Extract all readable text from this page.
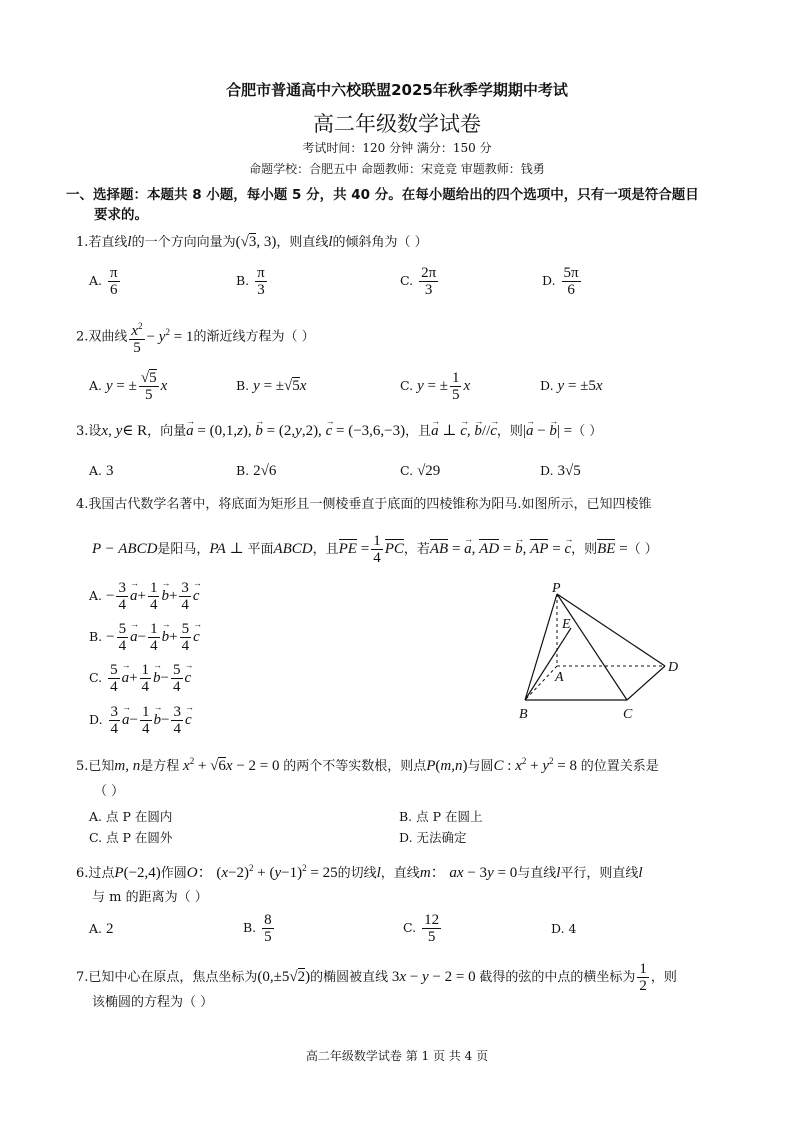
合肥市普通高中六校联盟2025年秋季学期期中考试
高二年级数学试卷
考试时间：120 分钟 满分：150 分
命题学校：合肥五中 命题教师：宋竞竞 审题教师：钱勇
一、选择题：本题共 8 小题，每小题 5 分，共 40 分。在每小题给出的四个选项中，只有一项是符合题目
要求的。
1.若直线l的一个方向向量为(√3, 3)，则直线l的倾斜角为（ ）
A. $\frac{\pi}{6}$	B. $\frac{\pi}{3}$	C. $\frac{2\pi}{3}$	D. $\frac{5\pi}{6}$
2.双曲线 $\frac{x^2}{5} - y^2 = 1$的渐近线方程为（ ）
A. y = ± $\frac{√5}{5}$ x	B. y = ±√5x	C. y = ± $\frac{1}{5}$ x	D. y = ±5x
3.设x, y∈ R，向量→ a = (0,1,z), → b = (2,y,2), → c = (−3,6,−3)，且→ a ⊥ → c, → b//→ c，则|→ a − → b| =（ ）
A. 3	B. 2√6	C. √29	D. 3√5
4.我国古代数学名著中，将底面为矩形且一侧棱垂直于底面的四棱锥称为阳马.如图所示，已知四棱锥
P − ABCD是阳马，PA ⊥ 平面ABCD，且PE = $\frac{1}{4}$ PC，若AB = → a, AD = → b, AP = → c，则BE =（ ）
A. − $\frac{3}{4}$
→ $a+ \frac{1}{4}$
→ $b+ \frac{3}{4}$
→ c
B. − $\frac{5}{4}$
→ $a- \frac{1}{4}$
→ $b+ \frac{5}{4}$
→ c
C. $\frac{5}{4}$
→ $a+ \frac{1}{4}$
→ $b- \frac{5}{4}$
→ c
D. $\frac{3}{4}$
→ $a- \frac{1}{4}$
→ $b- \frac{3}{4}$
→ c
P
E
A
D
B	C
5.已知m, n是方程 $x^2 + √6x - 2 = 0$ 的两个不等实数根，则点P(m,n)与圆C : $x^2 + y^2 = 8$ 的位置关系是
（ ）
A. 点 P 在圆内	B. 点 P 在圆上
C. 点 P 在圆外	D. 无法确定
6.过点P(−2,4)作圆O： $(x-2)^2 + (y-1)^2 = 25$的切线l，直线m： ax − 3y = 0与直线l平行，则直线l
与 m 的距离为（ ）
A. 2	B. $\frac{8}{5}$	C. $\frac{12}{5}$	D. 4
7.已知中心在原点，焦点坐标为(0,±5√2)的椭圆被直线 3x − y − 2 = 0 截得的弦的中点的横坐标为 $\frac{1}{2}$ ，则
该椭圆的方程为（ ）
高二年级数学试卷 第 1 页 共 4 页
